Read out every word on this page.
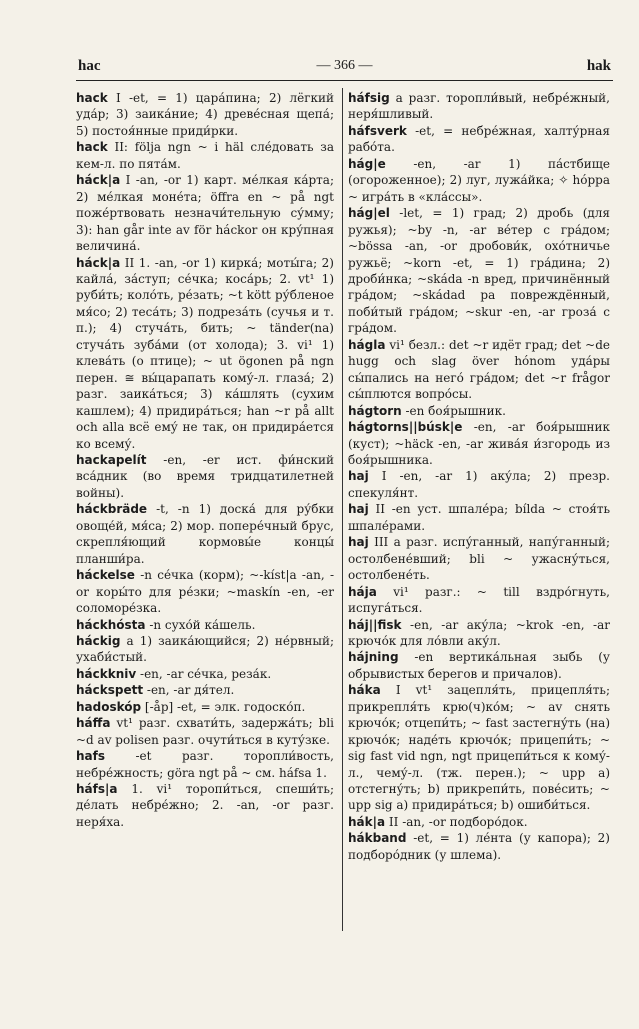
hac	— 366 —	hak

hack I -et, = 1) цара́пина; 2) лёгкий уда́р; 3) заика́ние; 4) древе́сная щепа́; 5) постоя́нные приди́рки.

hack II: följa ngn ~ i häl сле́довать за кем-л. по пята́м.

háck|a I -an, -or 1) карт. ме́лкая ка́рта; 2) ме́лкая моне́та; öffra en ~ på ngt поже́ртвовать незначи́тельную су́мму; 3): han går inte av för háckor он кру́пная величина́.

háck|a II 1. -an, -or 1) кирка́; моты́га; 2) кайла́, за́ступ; се́чка; коса́рь; 2. vt¹ 1) руби́ть; коло́ть, ре́зать; ~t kött ру́бленое мя́со; 2) теса́ть; 3) подреза́ть (сучья и т. п.); 4) стуча́ть, бить; ~ tänder(na) стуча́ть зуба́ми (от холода); 3. vi¹ 1) клева́ть (о птице); ~ ut ögonen på ngn перен. ≅ вы́царапать кому́-л. глаза́; 2) разг. заика́ться; 3) ка́шлять (сухим кашлем); 4) придира́ться; han ~r på allt och alla всё ему́ не так, он придира́ется ко всему́.

hackapelít -en, -er ист. фи́нский вса́дник (во время тридцатилетней войны).

háckbräde -t, -n 1) доска́ для ру́бки овоще́й, мя́са; 2) мор. попере́чный брус, скрепля́ющий кормовы́е концы́ планши́ра.

háckelse -n се́чка (корм); ~-kíst|a -an, -or коры́то для ре́зки; ~maskín -en, -er соломоре́зка.

háckhósta -n сухо́й ка́шель.

háckig a 1) заика́ющийся; 2) не́рвный; ухаби́стый.

háckkniv -en, -ar се́чка, реза́к.

háckspett -en, -ar дя́тел.

hadoskóp [-åp] -et, = элк. годоско́п.

háffa vt¹ разг. схвати́ть, задержа́ть; bli ~d av polisen разг. очути́ться в куту́зке.

hafs -et разг. торопли́вость, небре́жность; göra ngt på ~ см. háfsa 1.

háfs|a 1. vi¹ торопи́ться, спеши́ть; де́лать небре́жно; 2. -an, -or разг. неря́ха.

háfsig a разг. торопли́вый, небре́жный, неря́шливый.

háfsverk -et, = небре́жная, халту́рная рабо́та.

hág|e -en, -ar 1) па́стбище (огороженное); 2) луг, лужа́йка; ✧ hóppa ~ игра́ть в «кла́ссы».

hág|el -let, = 1) град; 2) дробь (для ружья); ~by -n, -ar ве́тер с гра́дом; ~bössa -an, -or дробови́к, охо́тничье ружьё; ~korn -et, = 1) гра́дина; 2) дроби́нка; ~skáda -n вред, причинённый гра́дом; ~skádad pa повреждённый, поби́тый гра́дом; ~skur -en, -ar гроза́ с гра́дом.

hágla vi¹ безл.: det ~r идёт град; det ~de hugg och slag över hónom уда́ры сы́пались на него́ гра́дом; det ~r frågor сы́плются вопро́сы.

hágtorn -en боя́рышник.

hágtorns||búsk|e -en, -ar боя́рышник (куст); ~häck -en, -ar жива́я и́згородь из боя́рышника.

haj I -en, -ar 1) аку́ла; 2) презр. спекуля́нт.

haj II -en уст. шпале́ра; bílda ~ стоя́ть шпале́рами.

haj III a разг. испу́ганный, напу́ганный; остолбене́вший; bli ~ ужасну́ться, остолбене́ть.

hája vi¹ разг.: ~ till вздро́гнуть, испуга́ться.

háj||fisk -en, -ar аку́ла; ~krok -en, -ar крючо́к для ло́вли аку́л.

hájning -en вертика́льная зыбь (у обрывистых берегов и причалов).

háka I vt¹ зацепля́ть, прицепля́ть; прикрепля́ть крю(ч)ко́м; ~ av снять крючо́к; отцепи́ть; ~ fast застегну́ть (на) крючо́к; наде́ть крючо́к; прицепи́ть; ~ sig fast vid ngn, ngt прицепи́ться к кому́-л., чему́-л. (тж. перен.); ~ upp а) отстегну́ть; b) прикрепи́ть, пове́сить; ~ upp sig а) придира́ться; b) ошиби́ться.

hák|a II -an, -or подборо́док.

hákband -et, = 1) ле́нта (у капора); 2) подборо́дник (у шлема).
